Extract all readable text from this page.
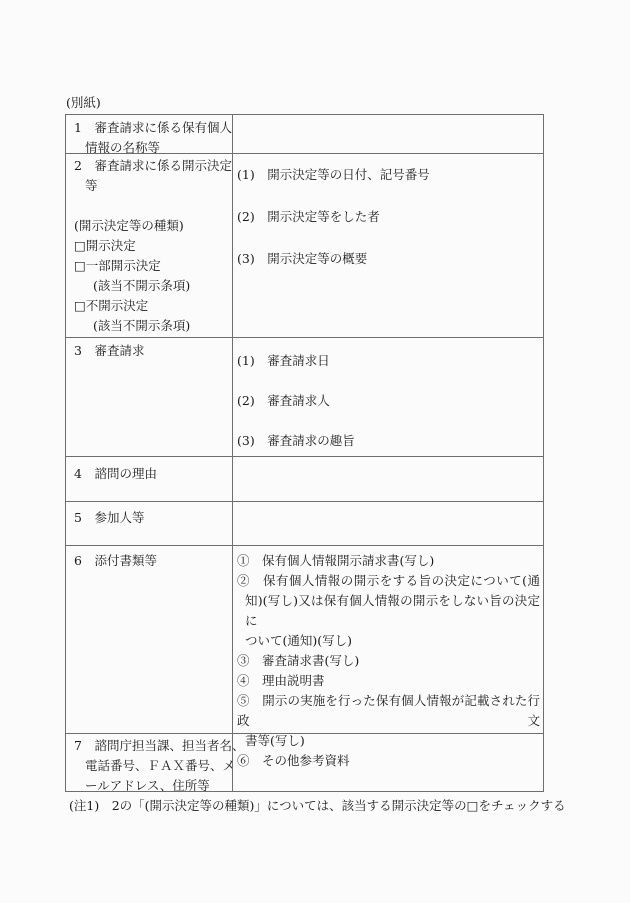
(別紙)
1　審査請求に係る保有個人
情報の名称等
2　審査請求に係る開示決定
等
(開示決定等の種類)
□開示決定
□一部開示決定
(該当不開示条項)
□不開示決定
(該当不開示条項)
(1)　開示決定等の日付、記号番号
(2)　開示決定等をした者
(3)　開示決定等の概要
3　審査請求
(1)　審査請求日
(2)　審査請求人
(3)　審査請求の趣旨
4　諮問の理由
5　参加人等
6　添付書類等	①　保有個人情報開示請求書(写し)
②　保有個人情報の開示をする旨の決定について(通
知)(写し)又は保有個人情報の開示をしない旨の決定に
ついて(通知)(写し)
③　審査請求書(写し)
④　理由説明書
⑤　開示の実施を行った保有個人情報が記載された行政文
書等(写し)
⑥　その他参考資料
7　諮問庁担当課、担当者名、
電話番号、ＦＡＸ番号、メ
ールアドレス、住所等
(注1)　2の「(開示決定等の種類)」については、該当する開示決定等の□をチェックする
